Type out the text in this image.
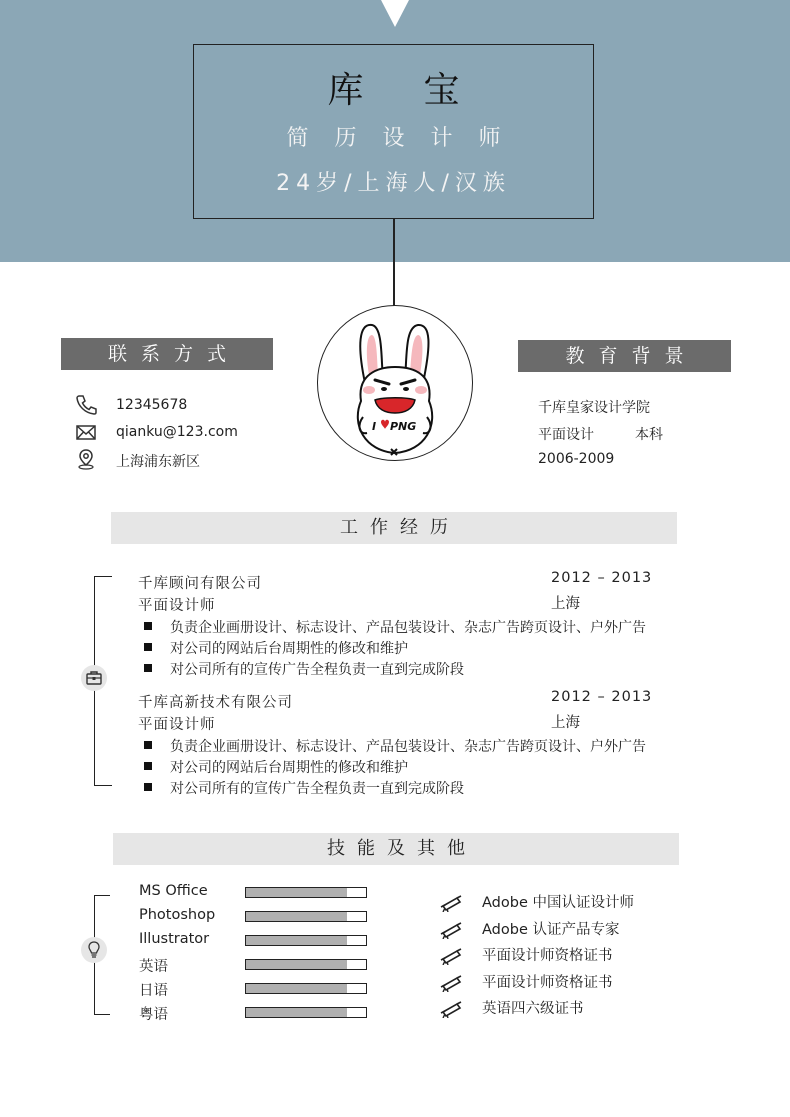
库宝
简历设计师
24岁/上海人/汉族
I PNG
联系方式
12345678
qianku@123.com
上海浦东新区
教育背景
千库皇家设计学院
平面设计	本科
2006-2009
工作经历
千库顾问有限公司	2012 – 2013
平面设计师	上海
负责企业画册设计、标志设计、产品包装设计、杂志广告跨页设计、户外广告
对公司的网站后台周期性的修改和维护
对公司所有的宣传广告全程负责一直到完成阶段
千库高新技术有限公司	2012 – 2013
平面设计师	上海
负责企业画册设计、标志设计、产品包装设计、杂志广告跨页设计、户外广告
对公司的网站后台周期性的修改和维护
对公司所有的宣传广告全程负责一直到完成阶段
技能及其他
MS Office
Photoshop
Illustrator
英语
日语
粤语
Adobe 中国认证设计师
Adobe 认证产品专家
平面设计师资格证书
平面设计师资格证书
英语四六级证书
